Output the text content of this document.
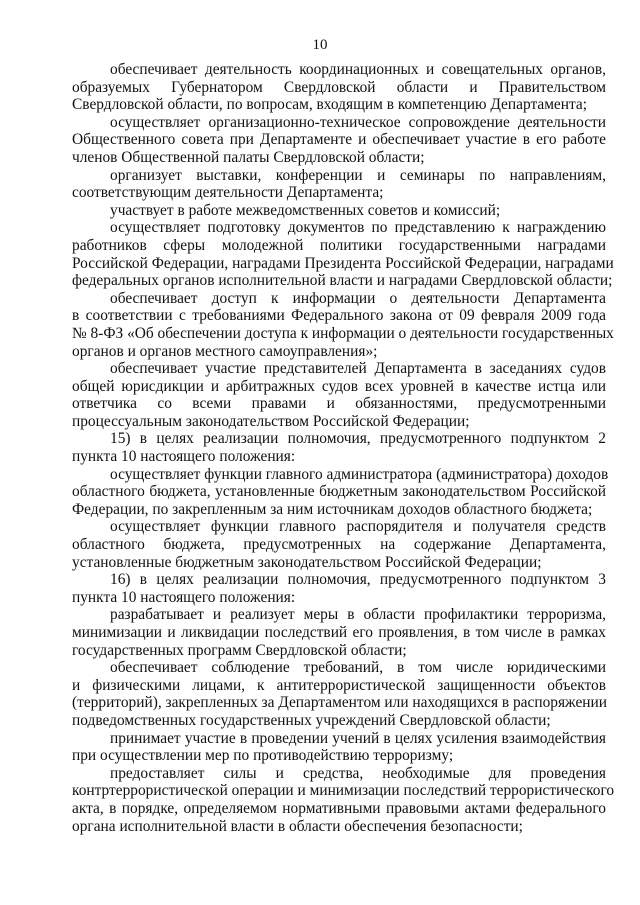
10

обеспечивает деятельность координационных и совещательных органов,
образуемых Губернатором Свердловской области и Правительством
Свердловской области, по вопросам, входящим в компетенцию Департамента;

осуществляет организационно-техническое сопровождение деятельности
Общественного совета при Департаменте и обеспечивает участие в его работе
членов Общественной палаты Свердловской области;

организует выставки, конференции и семинары по направлениям,
соответствующим деятельности Департамента;

участвует в работе межведомственных советов и комиссий;

осуществляет подготовку документов по представлению к награждению
работников сферы молодежной политики государственными наградами
Российской Федерации, наградами Президента Российской Федерации, наградами
федеральных органов исполнительной власти и наградами Свердловской области;

обеспечивает доступ к информации о деятельности Департамента
в соответствии с требованиями Федерального закона от 09 февраля 2009 года
№ 8-ФЗ «Об обеспечении доступа к информации о деятельности государственных
органов и органов местного самоуправления»;

обеспечивает участие представителей Департамента в заседаниях судов
общей юрисдикции и арбитражных судов всех уровней в качестве истца или
ответчика со всеми правами и обязанностями, предусмотренными
процессуальным законодательством Российской Федерации;

15) в целях реализации полномочия, предусмотренного подпунктом 2
пункта 10 настоящего положения:

осуществляет функции главного администратора (администратора) доходов
областного бюджета, установленные бюджетным законодательством Российской
Федерации, по закрепленным за ним источникам доходов областного бюджета;

осуществляет функции главного распорядителя и получателя средств
областного бюджета, предусмотренных на содержание Департамента,
установленные бюджетным законодательством Российской Федерации;

16) в целях реализации полномочия, предусмотренного подпунктом 3
пункта 10 настоящего положения:

разрабатывает и реализует меры в области профилактики терроризма,
минимизации и ликвидации последствий его проявления, в том числе в рамках
государственных программ Свердловской области;

обеспечивает соблюдение требований, в том числе юридическими
и физическими лицами, к антитеррористической защищенности объектов
(территорий), закрепленных за Департаментом или находящихся в распоряжении
подведомственных государственных учреждений Свердловской области;

принимает участие в проведении учений в целях усиления взаимодействия
при осуществлении мер по противодействию терроризму;

предоставляет силы и средства, необходимые для проведения
контртеррористической операции и минимизации последствий террористического
акта, в порядке, определяемом нормативными правовыми актами федерального
органа исполнительной власти в области обеспечения безопасности;
